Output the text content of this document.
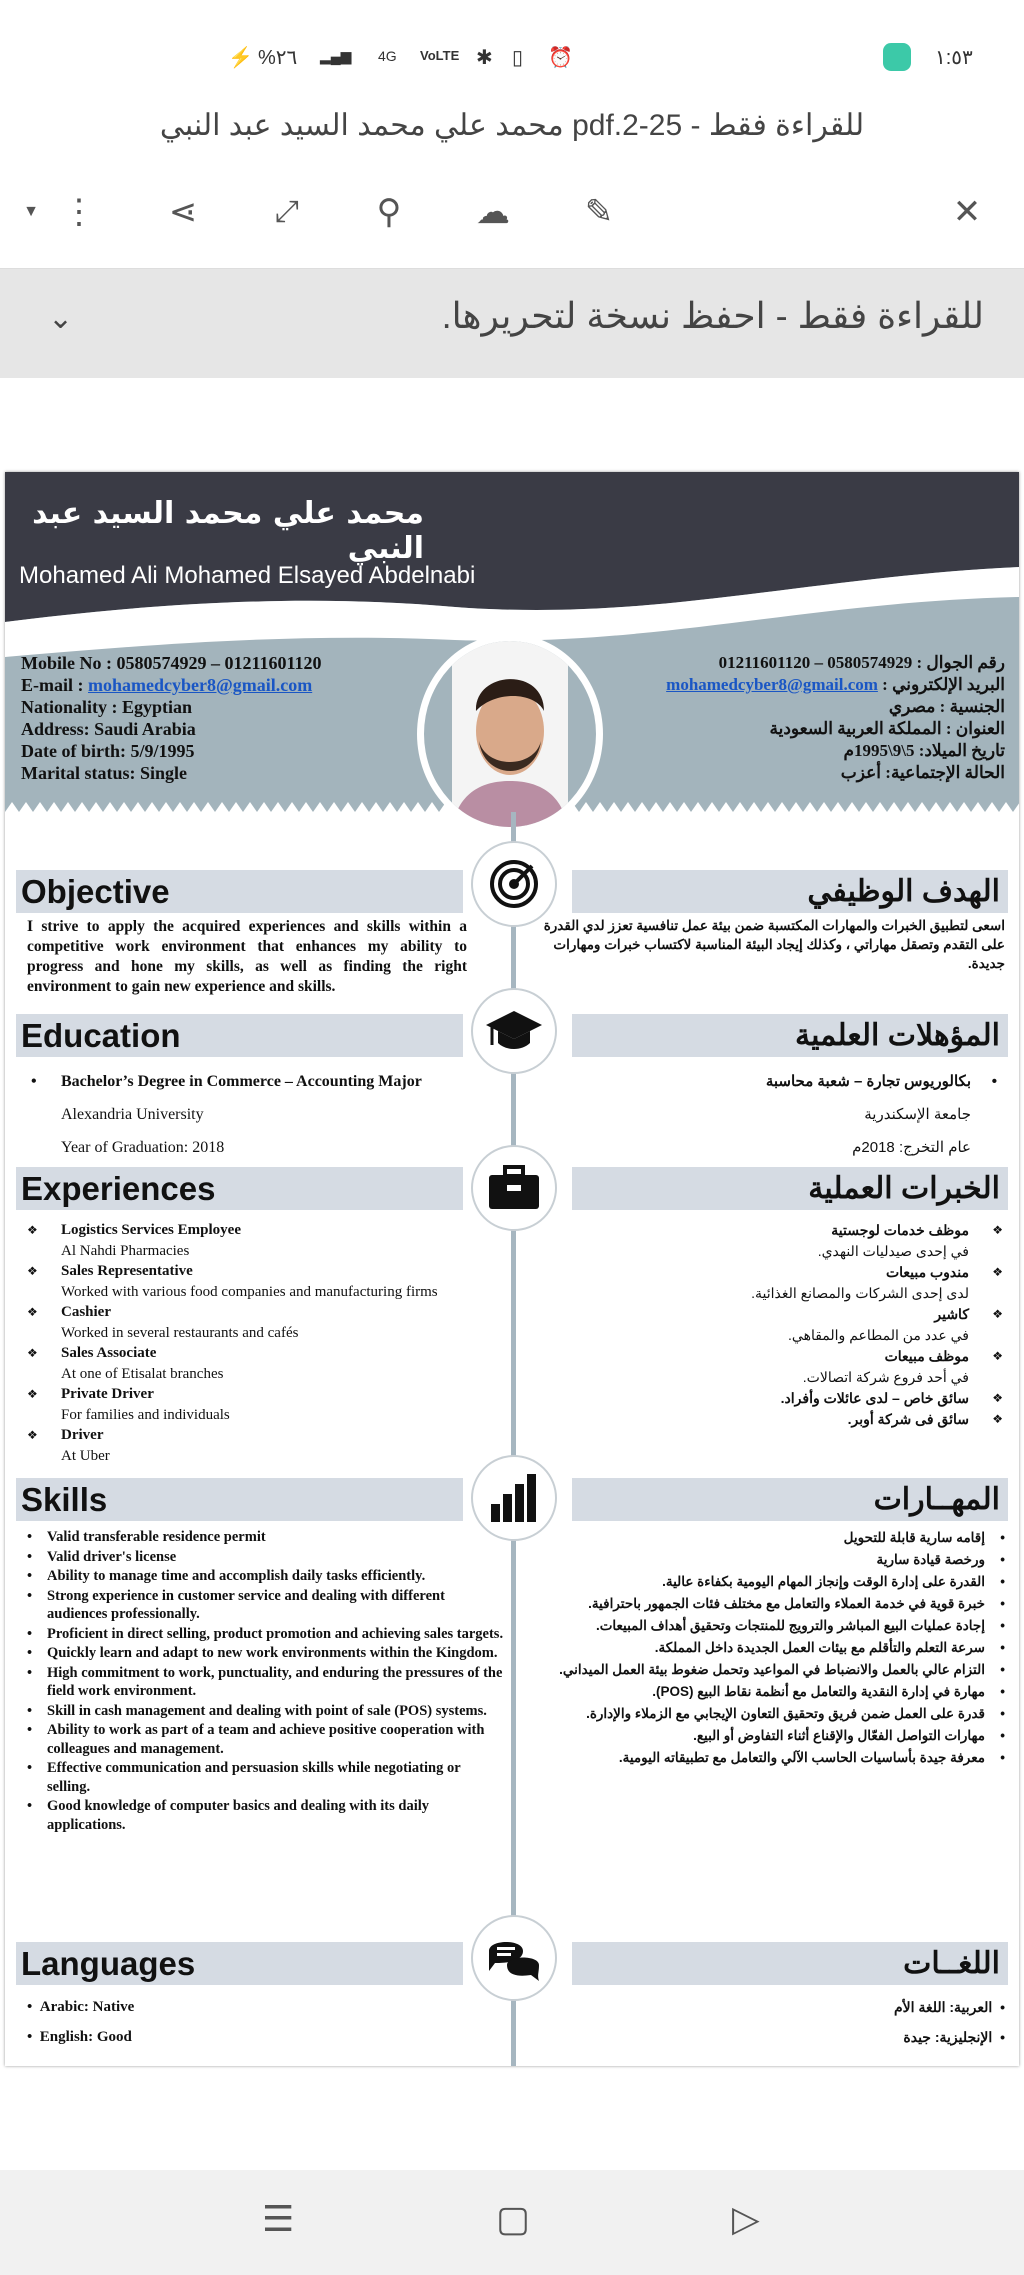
١:٥٣
⏰
▯
✱
VoLTE
4G
▂▄▆
%٢٦
⚡
محمد علي محمد السيد عبد النبي pdf.2-25 - للقراءة فقط
✕
✎
☁
⚲
⤢
⋖
⋮
▼
للقراءة فقط - احفظ نسخة لتحريرها.
⌄
محمد علي محمد السيد عبد النبي
Mohamed Ali Mohamed Elsayed Abdelnabi
Mobile No : 0580574929 – 01211601120
E-mail : mohamedcyber8@gmail.com
Nationality : Egyptian
Address: Saudi Arabia
Date of birth: 5/9/1995
Marital status: Single
رقم الجوال : 0580574929 – 01211601120
البريد الإلكتروني : mohamedcyber8@gmail.com
الجنسية : مصري
العنوان : المملكة العربية السعودية
تاريخ الميلاد: 5\9\1995م
الحالة الإجتماعية: أعزب
Objective	الهدف الوظيفي
I strive to apply the acquired experiences and skills within a competitive work environment that enhances my ability to progress and hone my skills, as well as finding the right environment to gain new experience and skills.
اسعى لتطبيق الخبرات والمهارات المكتسبة ضمن بيئة عمل تنافسية تعزز لدي القدرة على التقدم وتصقل مهاراتي ، وكذلك إيجاد البيئة المناسبة لاكتساب خبرات ومهارات جديدة.
Education	المؤهلات العلمية
• Bachelor’s Degree in Commerce – Accounting Major
Alexandria University
Year of Graduation: 2018
•
بكالوريوس تجارة – شعبة محاسبة
جامعة الإسكندرية
عام التخرج: 2018م
Experiences	الخبرات العملية
❖ Logistics Services Employee
Al Nahdi Pharmacies
❖ Sales Representative
Worked with various food companies and manufacturing firms
❖ Cashier
Worked in several restaurants and cafés
❖ Sales Associate
At one of Etisalat branches
❖ Private Driver
For families and individuals
❖ Driver
At Uber
❖
موظف خدمات لوجستية
في إحدى صيدليات النهدي.
❖
مندوب مبيعات
لدى إحدى الشركات والمصانع الغذائية.
❖
كاشير
في عدد من المطاعم والمقاهي.
❖
موظف مبيعات
في أحد فروع شركة اتصالات.
❖
سائق خاص – لدى عائلات وأفراد.
❖
سائق فى شركة أوبر.
Skills	المهــارات
• Valid transferable residence permit
• Valid driver's license
• Ability to manage time and accomplish daily tasks efficiently.
• Strong experience in customer service and dealing with different audiences professionally.
• Proficient in direct selling, product promotion and achieving sales targets.
• Quickly learn and adapt to new work environments within the Kingdom.
• High commitment to work, punctuality, and enduring the pressures of the field work environment.
• Skill in cash management and dealing with point of sale (POS) systems.
• Ability to work as part of a team and achieve positive cooperation with colleagues and management.
• Effective communication and persuasion skills while negotiating or selling.
• Good knowledge of computer basics and dealing with its daily applications.
•
إقامه سارية قابلة للتحويل
•
ورخصة قيادة سارية
•
القدرة على إدارة الوقت وإنجاز المهام اليومية بكفاءة عالية.
•
خبرة قوية في خدمة العملاء والتعامل مع مختلف فئات الجمهور باحترافية.
•
إجادة عمليات البيع المباشر والترويج للمنتجات وتحقيق أهداف المبيعات.
•
سرعة التعلم والتأقلم مع بيئات العمل الجديدة داخل المملكة.
•
التزام عالي بالعمل والانضباط في المواعيد وتحمل ضغوط بيئة العمل الميداني.
•
مهارة في إدارة النقدية والتعامل مع أنظمة نقاط البيع (POS).
•
قدرة على العمل ضمن فريق وتحقيق التعاون الإيجابي مع الزملاء والإدارة.
•
مهارات التواصل الفعّال والإقناع أثناء التفاوض أو البيع.
•
معرفة جيدة بأساسيات الحاسب الآلي والتعامل مع تطبيقاته اليومية.
Languages	اللغــات
•  Arabic: Native
•  English: Good
•  العربية: اللغة الأم
•  الإنجليزية: جيدة
☰	▢	▷
